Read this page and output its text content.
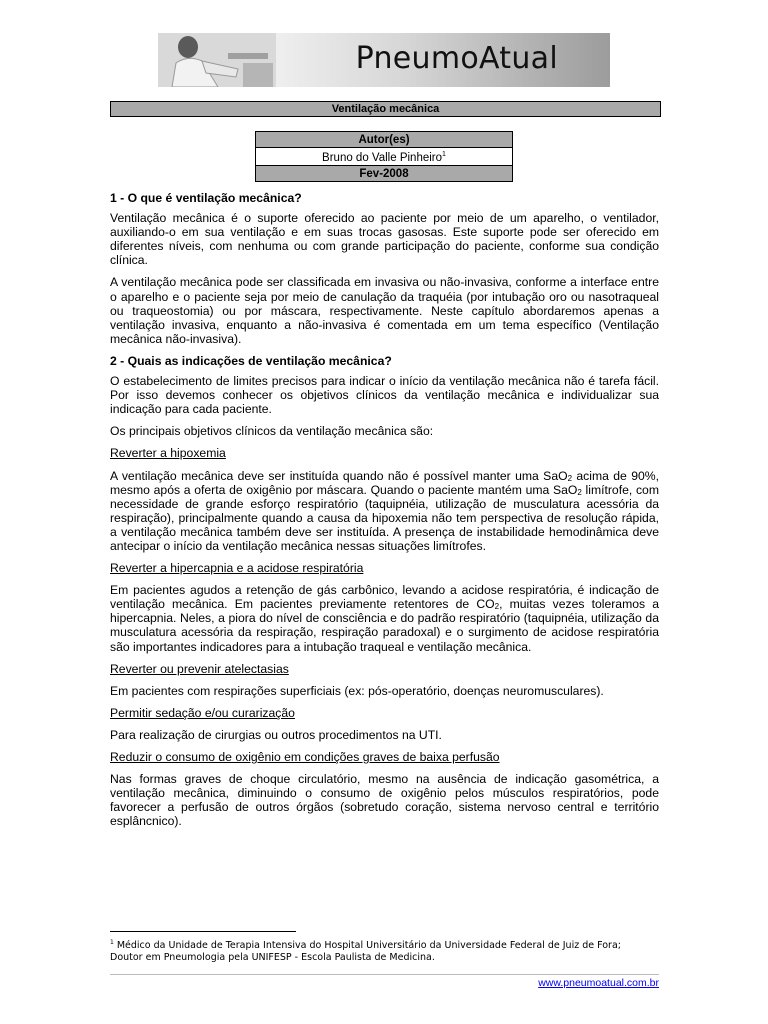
PneumoAtual
Ventilação mecânica
Autor(es)
Bruno do Valle Pinheiro$^1$
Fev-2008

1 - O que é ventilação mecânica?

Ventilação mecânica é o suporte oferecido ao paciente por meio de um aparelho, o ventilador, auxiliando-o em sua ventilação e em suas trocas gasosas. Este suporte pode ser oferecido em diferentes níveis, com nenhuma ou com grande participação do paciente, conforme sua condição clínica.

A ventilação mecânica pode ser classificada em invasiva ou não-invasiva, conforme a interface entre o aparelho e o paciente seja por meio de canulação da traquéia (por intubação oro ou nasotraqueal ou traqueostomia) ou por máscara, respectivamente. Neste capítulo abordaremos apenas a ventilação invasiva, enquanto a não-invasiva é comentada em um tema específico (Ventilação mecânica não-invasiva).

2 - Quais as indicações de ventilação mecânica?

O estabelecimento de limites precisos para indicar o início da ventilação mecânica não é tarefa fácil. Por isso devemos conhecer os objetivos clínicos da ventilação mecânica e individualizar sua indicação para cada paciente.

Os principais objetivos clínicos da ventilação mecânica são:

Reverter a hipoxemia

A ventilação mecânica deve ser instituída quando não é possível manter uma SaO$_2$ acima de 90%, mesmo após a oferta de oxigênio por máscara. Quando o paciente mantém uma SaO$_2$ limítrofe, com necessidade de grande esforço respiratório (taquipnéia, utilização de musculatura acessória da respiração), principalmente quando a causa da hipoxemia não tem perspectiva de resolução rápida, a ventilação mecânica também deve ser instituída. A presença de instabilidade hemodinâmica deve antecipar o início da ventilação mecânica nessas situações limítrofes.

Reverter a hipercapnia e a acidose respiratória

Em pacientes agudos a retenção de gás carbônico, levando a acidose respiratória, é indicação de ventilação mecânica. Em pacientes previamente retentores de $CO_2$, muitas vezes toleramos a hipercapnia. Neles, a piora do nível de consciência e do padrão respiratório (taquipnéia, utilização da musculatura acessória da respiração, respiração paradoxal) e o surgimento de acidose respiratória são importantes indicadores para a intubação traqueal e ventilação mecânica.

Reverter ou prevenir atelectasias

Em pacientes com respirações superficiais (ex: pós-operatório, doenças neuromusculares).

Permitir sedação e/ou curarização

Para realização de cirurgias ou outros procedimentos na UTI.

Reduzir o consumo de oxigênio em condições graves de baixa perfusão

Nas formas graves de choque circulatório, mesmo na ausência de indicação gasométrica, a ventilação mecânica, diminuindo o consumo de oxigênio pelos músculos respiratórios, pode favorecer a perfusão de outros órgãos (sobretudo coração, sistema nervoso central e território esplâncnico).

$^1$ Médico da Unidade de Terapia Intensiva do Hospital Universitário da Universidade Federal de Juiz de Fora;
Doutor em Pneumologia pela UNIFESP - Escola Paulista de Medicina.
www.pneumoatual.com.br
